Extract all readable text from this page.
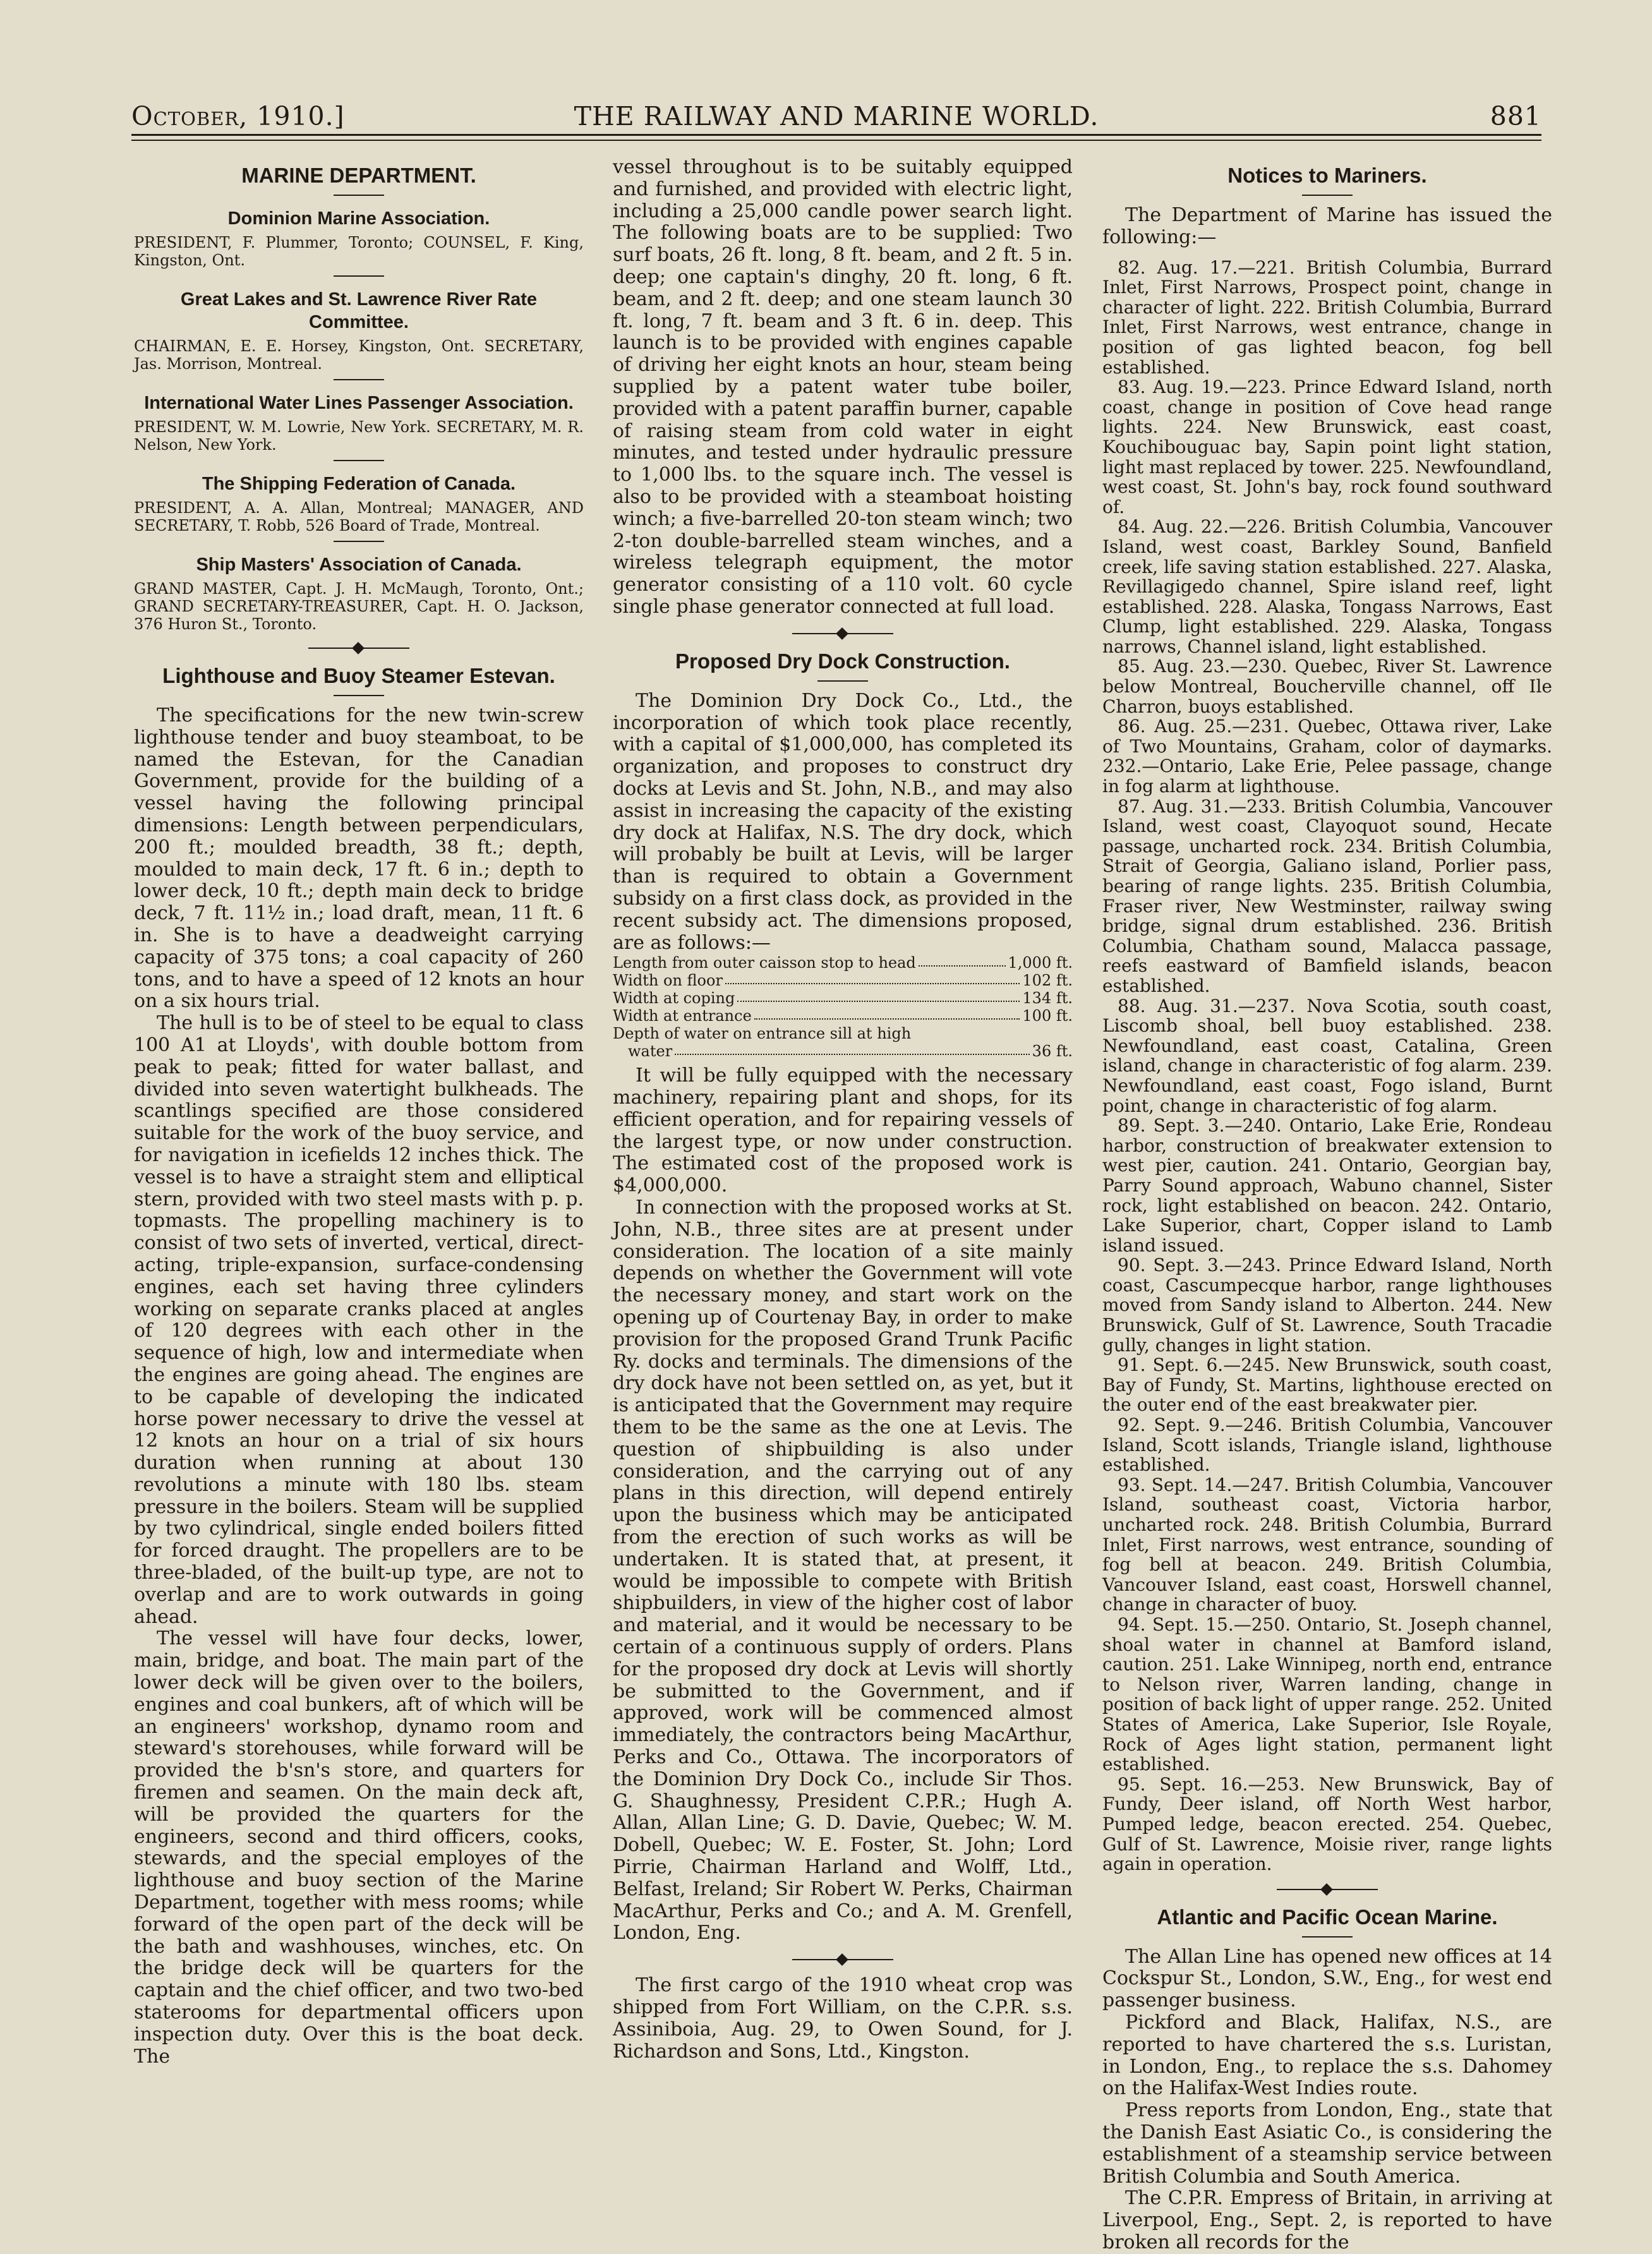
October, 1910.]	THE RAILWAY AND MARINE WORLD.	881
MARINE DEPARTMENT.
Dominion Marine Association.

PRESIDENT, F. Plummer, Toronto; COUNSEL, F. King, Kingston, Ont.

Great Lakes and St. Lawrence River Rate Committee.

CHAIRMAN, E. E. Horsey, Kingston, Ont. SECRETARY, Jas. Morrison, Montreal.

International Water Lines Passenger Association.

PRESIDENT, W. M. Lowrie, New York. SECRETARY, M. R. Nelson, New York.

The Shipping Federation of Canada.

PRESIDENT, A. A. Allan, Montreal; MANAGER, AND SECRETARY, T. Robb, 526 Board of Trade, Montreal.

Ship Masters' Association of Canada.

GRAND MASTER, Capt. J. H. McMaugh, Toronto, Ont.; GRAND SECRETARY-TREASURER, Capt. H. O. Jackson, 376 Huron St., Toronto.

Lighthouse and Buoy Steamer Estevan.

The specifications for the new twin-screw lighthouse tender and buoy steamboat, to be named the Estevan, for the Canadian Government, provide for the building of a vessel having the following principal dimensions: Length between perpendiculars, 200 ft.; moulded breadth, 38 ft.; depth, moulded to main deck, 17 ft. 6 in.; depth to lower deck, 10 ft.; depth main deck to bridge deck, 7 ft. 11½ in.; load draft, mean, 11 ft. 6 in. She is to have a deadweight carrying capacity of 375 tons; a coal capacity of 260 tons, and to have a speed of 12 knots an hour on a six hours trial.

The hull is to be of steel to be equal to class 100 A1 at Lloyds', with double bottom from peak to peak; fitted for water ballast, and divided into seven watertight bulkheads. The scantlings specified are those considered suitable for the work of the buoy service, and for navigation in icefields 12 inches thick. The vessel is to have a straight stem and elliptical stern, provided with two steel masts with p. p. topmasts. The propelling machinery is to consist of two sets of inverted, vertical, direct-acting, triple-expansion, surface-condensing engines, each set having three cylinders working on separate cranks placed at angles of 120 degrees with each other in the sequence of high, low and intermediate when the engines are going ahead. The engines are to be capable of developing the indicated horse power necessary to drive the vessel at 12 knots an hour on a trial of six hours duration when running at about 130 revolutions a minute with 180 lbs. steam pressure in the boilers. Steam will be supplied by two cylindrical, single ended boilers fitted for forced draught. The propellers are to be three-bladed, of the built-up type, are not to overlap and are to work outwards in going ahead.

The vessel will have four decks, lower, main, bridge, and boat. The main part of the lower deck will be given over to the boilers, engines and coal bunkers, aft of which will be an engineers' workshop, dynamo room and steward's storehouses, while forward will be provided the b'sn's store, and quarters for firemen and seamen. On the main deck aft, will be provided the quarters for the engineers, second and third officers, cooks, stewards, and the special employes of the lighthouse and buoy section of the Marine Department, together with mess rooms; while forward of the open part of the deck will be the bath and washhouses, winches, etc. On the bridge deck will be quarters for the captain and the chief officer, and two two-bed staterooms for departmental officers upon inspection duty. Over this is the boat deck. The

vessel throughout is to be suitably equipped and furnished, and provided with electric light, including a 25,000 candle power search light. The following boats are to be supplied: Two surf boats, 26 ft. long, 8 ft. beam, and 2 ft. 5 in. deep; one captain's dinghy, 20 ft. long, 6 ft. beam, and 2 ft. deep; and one steam launch 30 ft. long, 7 ft. beam and 3 ft. 6 in. deep. This launch is to be provided with engines capable of driving her eight knots an hour, steam being supplied by a patent water tube boiler, provided with a patent paraffin burner, capable of raising steam from cold water in eight minutes, and tested under hydraulic pressure to 1,000 lbs. to the square inch. The vessel is also to be provided with a steamboat hoisting winch; a five-barrelled 20-ton steam winch; two 2-ton double-barrelled steam winches, and a wireless telegraph equipment, the motor generator consisting of a 110 volt. 60 cycle single phase generator connected at full load.

Proposed Dry Dock Construction.

The Dominion Dry Dock Co., Ltd., the incorporation of which took place recently, with a capital of $1,000,000, has completed its organization, and proposes to construct dry docks at Levis and St. John, N.B., and may also assist in increasing the capacity of the existing dry dock at Halifax, N.S. The dry dock, which will probably be built at Levis, will be larger than is required to obtain a Government subsidy on a first class dock, as provided in the recent subsidy act. The dimensions proposed, are as follows:—

Length from outer caisson stop to head	1,000 ft.
Width on floor	102 ft.
Width at coping	134 ft.
Width at entrance	100 ft.
Depth of water on entrance sill at high
water	36 ft.

It will be fully equipped with the necessary machinery, repairing plant and shops, for its efficient operation, and for repairing vessels of the largest type, or now under construction. The estimated cost of the proposed work is $4,000,000.

In connection with the proposed works at St. John, N.B., three sites are at present under consideration. The location of a site mainly depends on whether the Government will vote the necessary money, and start work on the opening up of Courtenay Bay, in order to make provision for the proposed Grand Trunk Pacific Ry. docks and terminals. The dimensions of the dry dock have not been settled on, as yet, but it is anticipated that the Government may require them to be the same as the one at Levis. The question of shipbuilding is also under consideration, and the carrying out of any plans in this direction, will depend entirely upon the business which may be anticipated from the erection of such works as will be undertaken. It is stated that, at present, it would be impossible to compete with British shipbuilders, in view of the higher cost of labor and material, and it would be necessary to be certain of a continuous supply of orders. Plans for the proposed dry dock at Levis will shortly be submitted to the Government, and if approved, work will be commenced almost immediately, the contractors being MacArthur, Perks and Co., Ottawa. The incorporators of the Dominion Dry Dock Co., include Sir Thos. G. Shaughnessy, President C.P.R.; Hugh A. Allan, Allan Line; G. D. Davie, Quebec; W. M. Dobell, Quebec; W. E. Foster, St. John; Lord Pirrie, Chairman Harland and Wolff, Ltd., Belfast, Ireland; Sir Robert W. Perks, Chairman MacArthur, Perks and Co.; and A. M. Grenfell, London, Eng.

The first cargo of the 1910 wheat crop was shipped from Fort William, on the C.P.R. s.s. Assiniboia, Aug. 29, to Owen Sound, for J. Richardson and Sons, Ltd., Kingston.

Notices to Mariners.

The Department of Marine has issued the following:—

82. Aug. 17.—221. British Columbia, Burrard Inlet, First Narrows, Prospect point, change in character of light. 222. British Columbia, Burrard Inlet, First Narrows, west entrance, change in position of gas lighted beacon, fog bell established.

83. Aug. 19.—223. Prince Edward Island, north coast, change in position of Cove head range lights. 224. New Brunswick, east coast, Kouchibouguac bay, Sapin point light station, light mast replaced by tower. 225. Newfoundland, west coast, St. John's bay, rock found southward of.

84. Aug. 22.—226. British Columbia, Vancouver Island, west coast, Barkley Sound, Banfield creek, life saving station established. 227. Alaska, Revillagigedo channel, Spire island reef, light established. 228. Alaska, Tongass Narrows, East Clump, light established. 229. Alaska, Tongass narrows, Channel island, light established.

85. Aug. 23.—230. Quebec, River St. Lawrence below Montreal, Boucherville channel, off Ile Charron, buoys established.

86. Aug. 25.—231. Quebec, Ottawa river, Lake of Two Mountains, Graham, color of daymarks. 232.—Ontario, Lake Erie, Pelee passage, change in fog alarm at lighthouse.

87. Aug. 31.—233. British Columbia, Vancouver Island, west coast, Clayoquot sound, Hecate passage, uncharted rock. 234. British Columbia, Strait of Georgia, Galiano island, Porlier pass, bearing of range lights. 235. British Columbia, Fraser river, New Westminster, railway swing bridge, signal drum established. 236. British Columbia, Chatham sound, Malacca passage, reefs eastward of Bamfield islands, beacon established.

88. Aug. 31.—237. Nova Scotia, south coast, Liscomb shoal, bell buoy established. 238. Newfoundland, east coast, Catalina, Green island, change in characteristic of fog alarm. 239. Newfoundland, east coast, Fogo island, Burnt point, change in characteristic of fog alarm.

89. Sept. 3.—240. Ontario, Lake Erie, Rondeau harbor, construction of breakwater extension to west pier, caution. 241. Ontario, Georgian bay, Parry Sound approach, Wabuno channel, Sister rock, light established on beacon. 242. Ontario, Lake Superior, chart, Copper island to Lamb island issued.

90. Sept. 3.—243. Prince Edward Island, North coast, Cascumpecque harbor, range lighthouses moved from Sandy island to Alberton. 244. New Brunswick, Gulf of St. Lawrence, South Tracadie gully, changes in light station.

91. Sept. 6.—245. New Brunswick, south coast, Bay of Fundy, St. Martins, lighthouse erected on the outer end of the east breakwater pier.

92. Sept. 9.—246. British Columbia, Vancouver Island, Scott islands, Triangle island, lighthouse established.

93. Sept. 14.—247. British Columbia, Vancouver Island, southeast coast, Victoria harbor, uncharted rock. 248. British Columbia, Burrard Inlet, First narrows, west entrance, sounding of fog bell at beacon. 249. British Columbia, Vancouver Island, east coast, Horswell channel, change in character of buoy.

94. Sept. 15.—250. Ontario, St. Joseph channel, shoal water in channel at Bamford island, caution. 251. Lake Winnipeg, north end, entrance to Nelson river, Warren landing, change in position of back light of upper range. 252. United States of America, Lake Superior, Isle Royale, Rock of Ages light station, permanent light established.

95. Sept. 16.—253. New Brunswick, Bay of Fundy, Deer island, off North West harbor, Pumped ledge, beacon erected. 254. Quebec, Gulf of St. Lawrence, Moisie river, range lights again in operation.

Atlantic and Pacific Ocean Marine.

The Allan Line has opened new offices at 14 Cockspur St., London, S.W., Eng., for west end passenger business.

Pickford and Black, Halifax, N.S., are reported to have chartered the s.s. Luristan, in London, Eng., to replace the s.s. Dahomey on the Halifax-West Indies route.

Press reports from London, Eng., state that the Danish East Asiatic Co., is considering the establishment of a steamship service between British Columbia and South America.

The C.P.R. Empress of Britain, in arriving at Liverpool, Eng., Sept. 2, is reported to have broken all records for the
